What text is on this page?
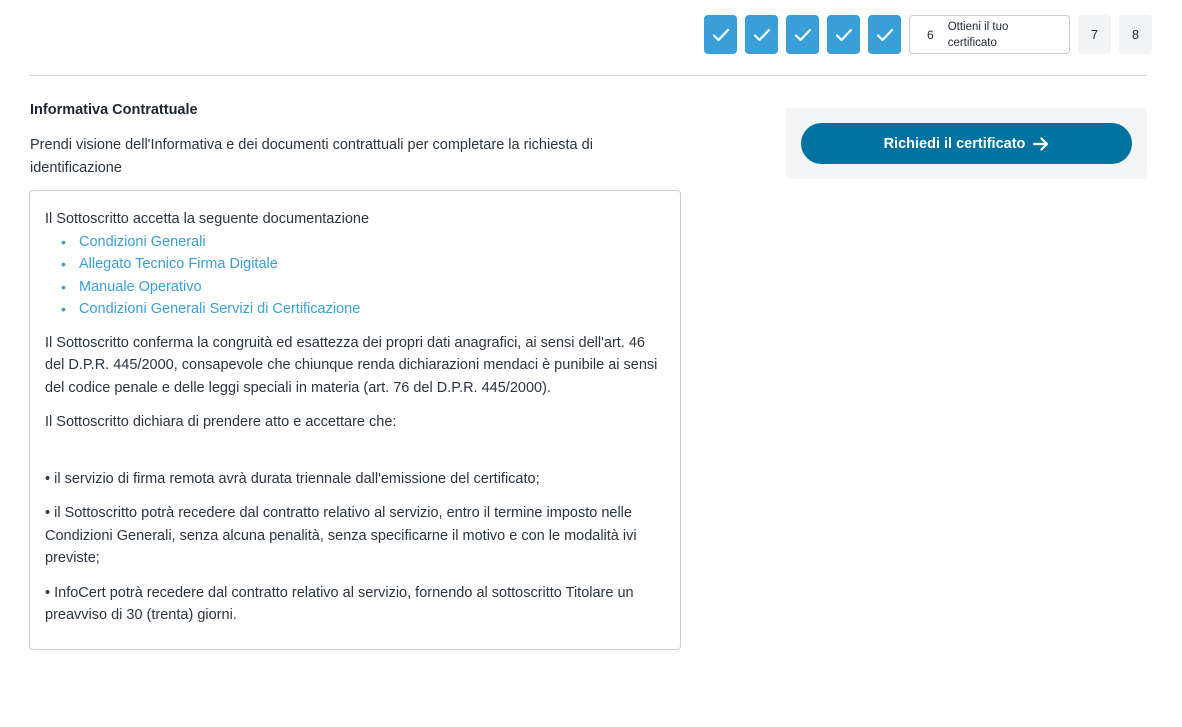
6
Ottieni il tuo certificato
7	8
Informativa Contrattuale

Prendi visione dell'Informativa e dei documenti contrattuali per completare la richiesta di identificazione

Il Sottoscritto accetta la seguente documentazione

• Condizioni Generali
• Allegato Tecnico Firma Digitale
• Manuale Operativo
• Condizioni Generali Servizi di Certificazione

Il Sottoscritto conferma la congruità ed esattezza dei propri dati anagrafici, ai sensi dell'art. 46 del D.P.R. 445/2000, consapevole che chiunque renda dichiarazioni mendaci è punibile ai sensi del codice penale e delle leggi speciali in materia (art. 76 del D.P.R. 445/2000).

Il Sottoscritto dichiara di prendere atto e accettare che:

• il servizio di firma remota avrà durata triennale dall'emissione del certificato;

• il Sottoscritto potrà recedere dal contratto relativo al servizio, entro il termine imposto nelle Condizioni Generali, senza alcuna penalità, senza specificarne il motivo e con le modalità ivi previste;

• InfoCert potrà recedere dal contratto relativo al servizio, fornendo al sottoscritto Titolare un preavviso di 30 (trenta) giorni.

Richiedi il certificato
